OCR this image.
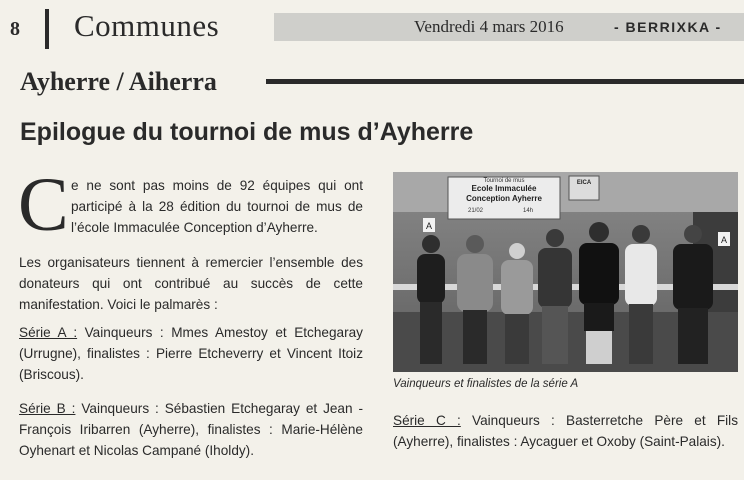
8 Communes	Vendredi 4 mars 2016	- BERRIXKA -
Ayherre / Aiherra
Epilogue du tournoi de mus d’Ayherre
C e ne sont pas moins de 92 équipes qui ont participé à la 28 édition du tournoi de mus de l’école Immaculée Conception d’Ayherre.

Les organisateurs tiennent à remercier l’ensemble des donateurs qui ont contribué au succès de cette manifestation. Voici le palmarès :

Série A : Vainqueurs : Mmes Amestoy et Etchegaray (Urrugne), finalistes : Pierre Etcheverry et Vincent Itoiz (Briscous).

Série B : Vainqueurs : Sébastien Etchegaray et Jean -François Iribarren (Ayherre), finalistes : Marie-Hélène Oyhenart et Nicolas Campané (Iholdy).

Tournoi de mus
Ecole Immaculée
Conception Ayherre
21/02	14h
EICA
A
A
Vainqueurs et finalistes de la série A

Série C : Vainqueurs : Basterretche Père et Fils (Ayherre), finalistes : Aycaguer et Oxoby (Saint-Palais).
